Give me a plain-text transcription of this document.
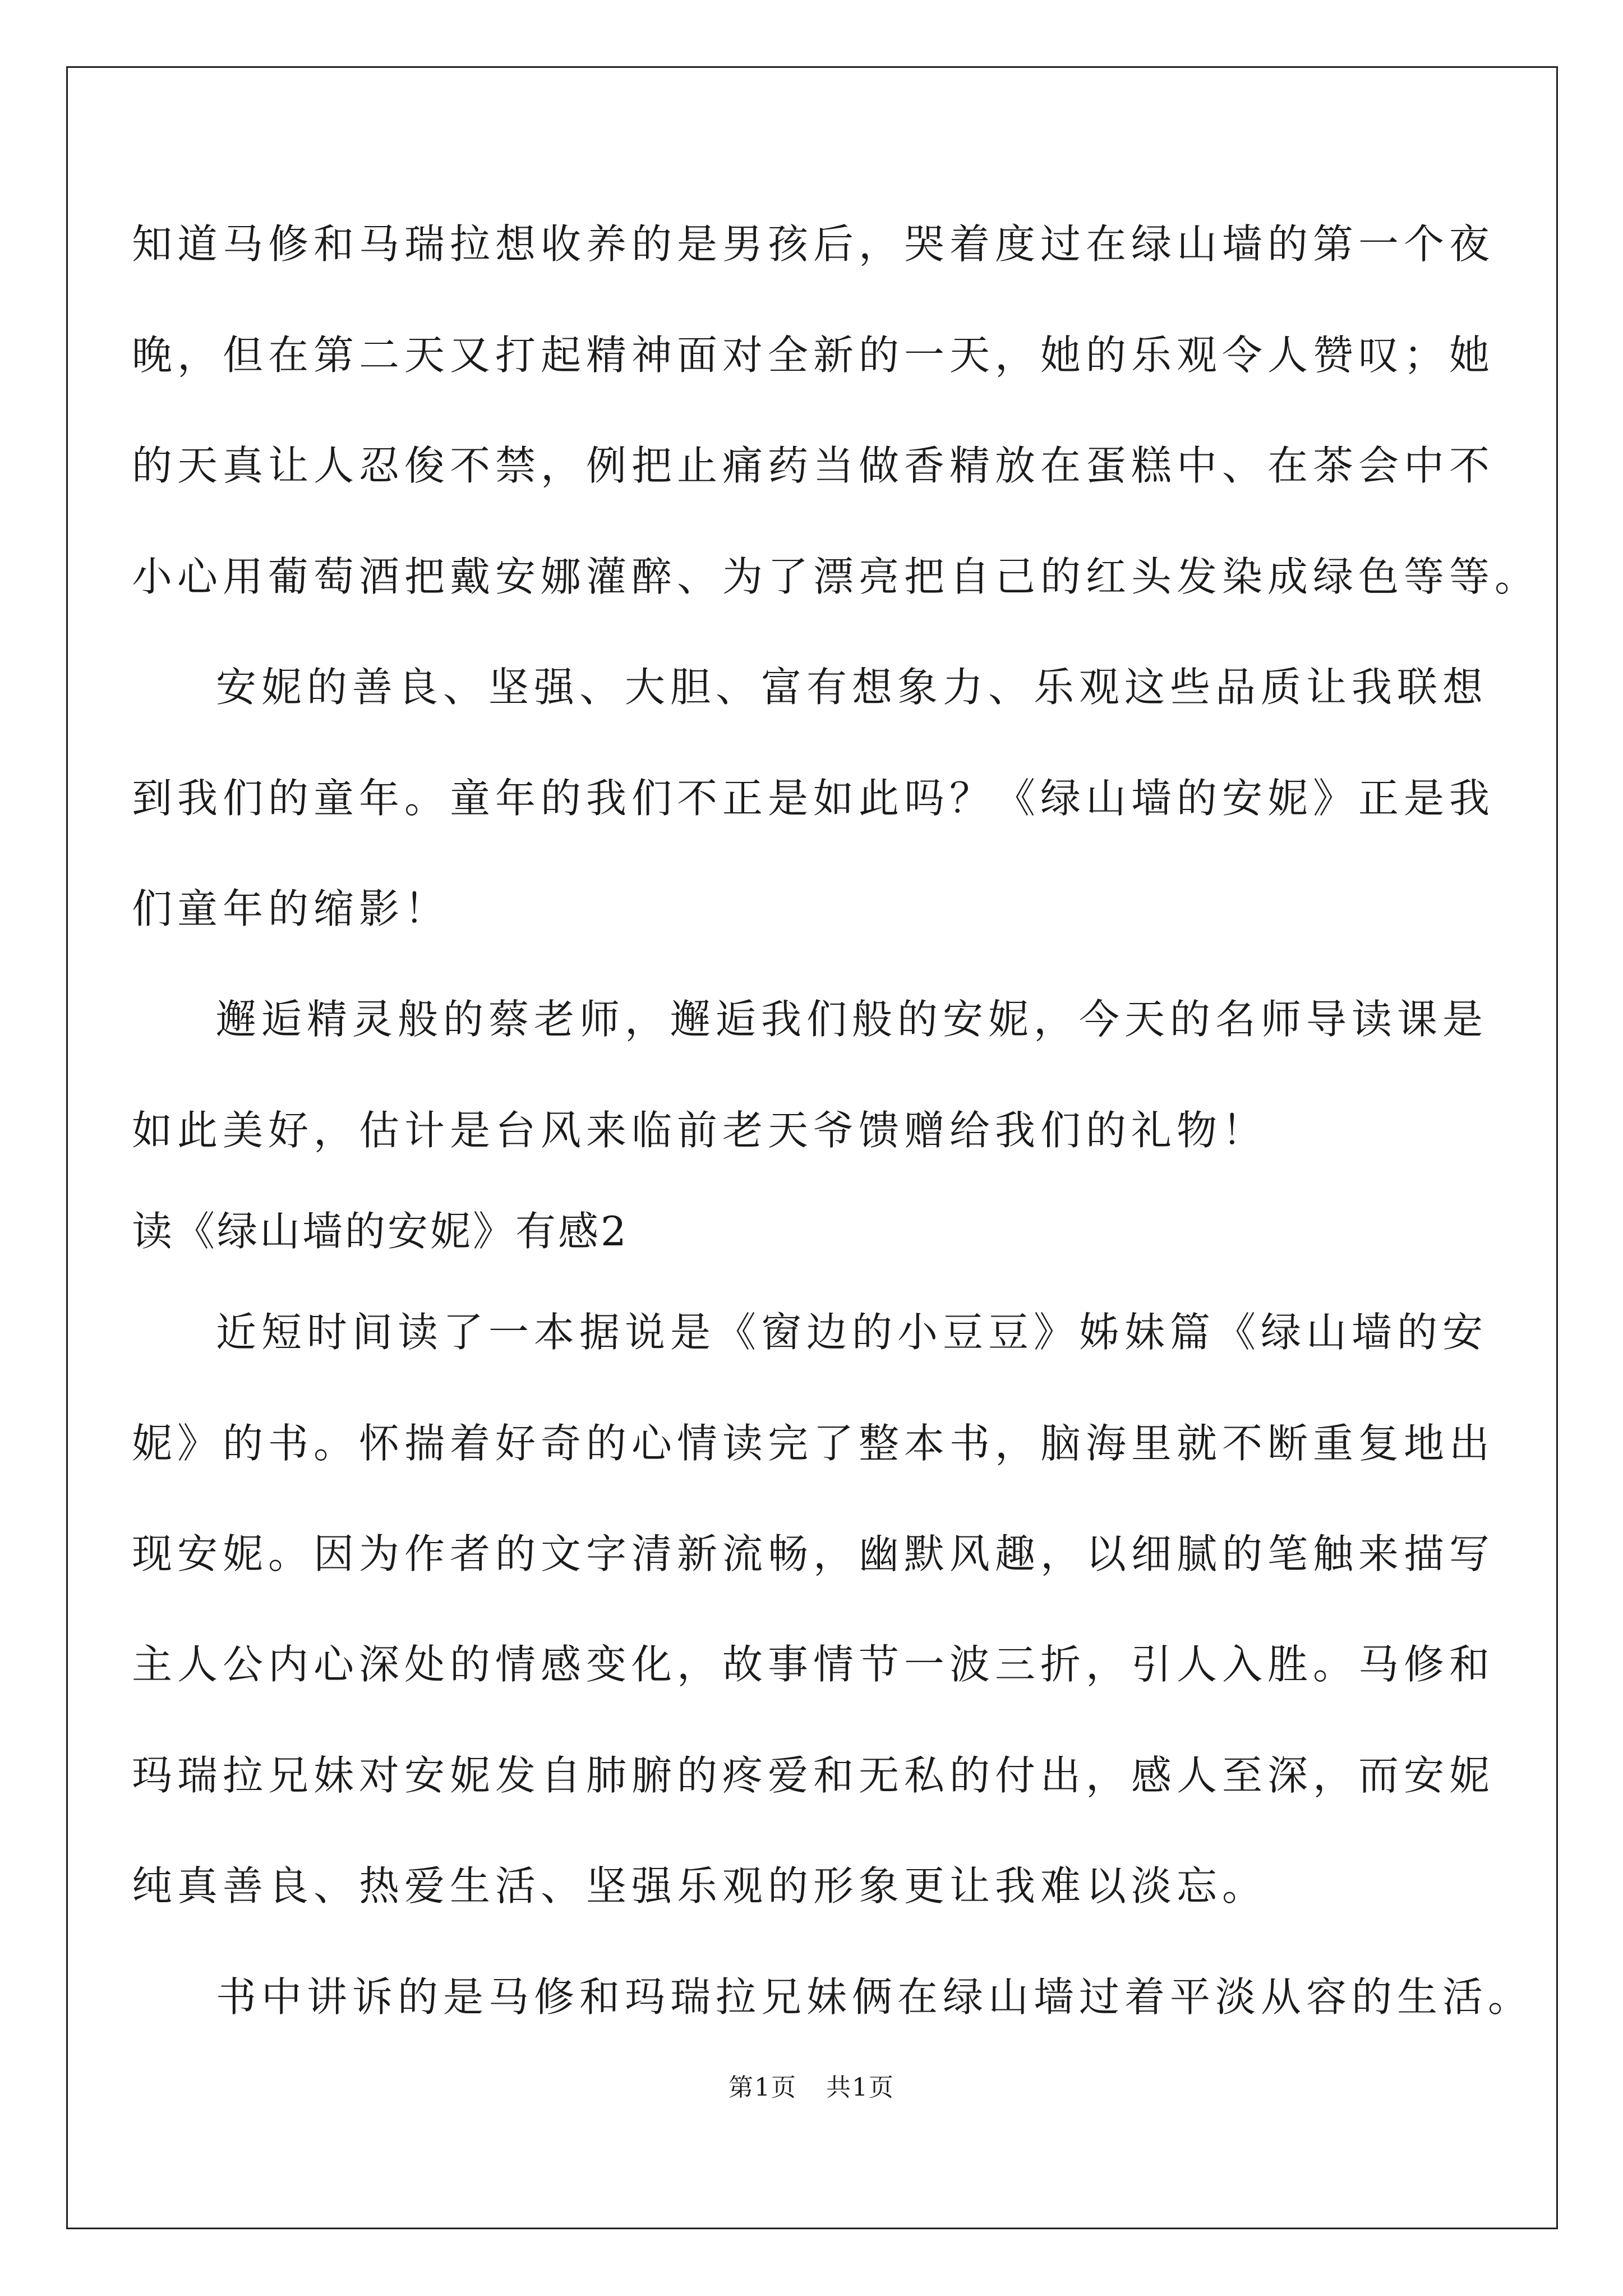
知道马修和马瑞拉想收养的是男孩后，哭着度过在绿山墙的第一个夜
晚，但在第二天又打起精神面对全新的一天，她的乐观令人赞叹；她
的天真让人忍俊不禁，例把止痛药当做香精放在蛋糕中、在茶会中不
小心用葡萄酒把戴安娜灌醉、为了漂亮把自己的红头发染成绿色等等。
安妮的善良、坚强、大胆、富有想象力、乐观这些品质让我联想
到我们的童年。童年的我们不正是如此吗？《绿山墙的安妮》正是我
们童年的缩影！
邂逅精灵般的蔡老师，邂逅我们般的安妮，今天的名师导读课是
如此美好，估计是台风来临前老天爷馈赠给我们的礼物！
读《绿山墙的安妮》有感2
近短时间读了一本据说是《窗边的小豆豆》姊妹篇《绿山墙的安
妮》的书。怀揣着好奇的心情读完了整本书，脑海里就不断重复地出
现安妮。因为作者的文字清新流畅，幽默风趣，以细腻的笔触来描写
主人公内心深处的情感变化，故事情节一波三折，引人入胜。马修和
玛瑞拉兄妹对安妮发自肺腑的疼爱和无私的付出，感人至深，而安妮
纯真善良、热爱生活、坚强乐观的形象更让我难以淡忘。
书中讲诉的是马修和玛瑞拉兄妹俩在绿山墙过着平淡从容的生活。
第1页 共1页
